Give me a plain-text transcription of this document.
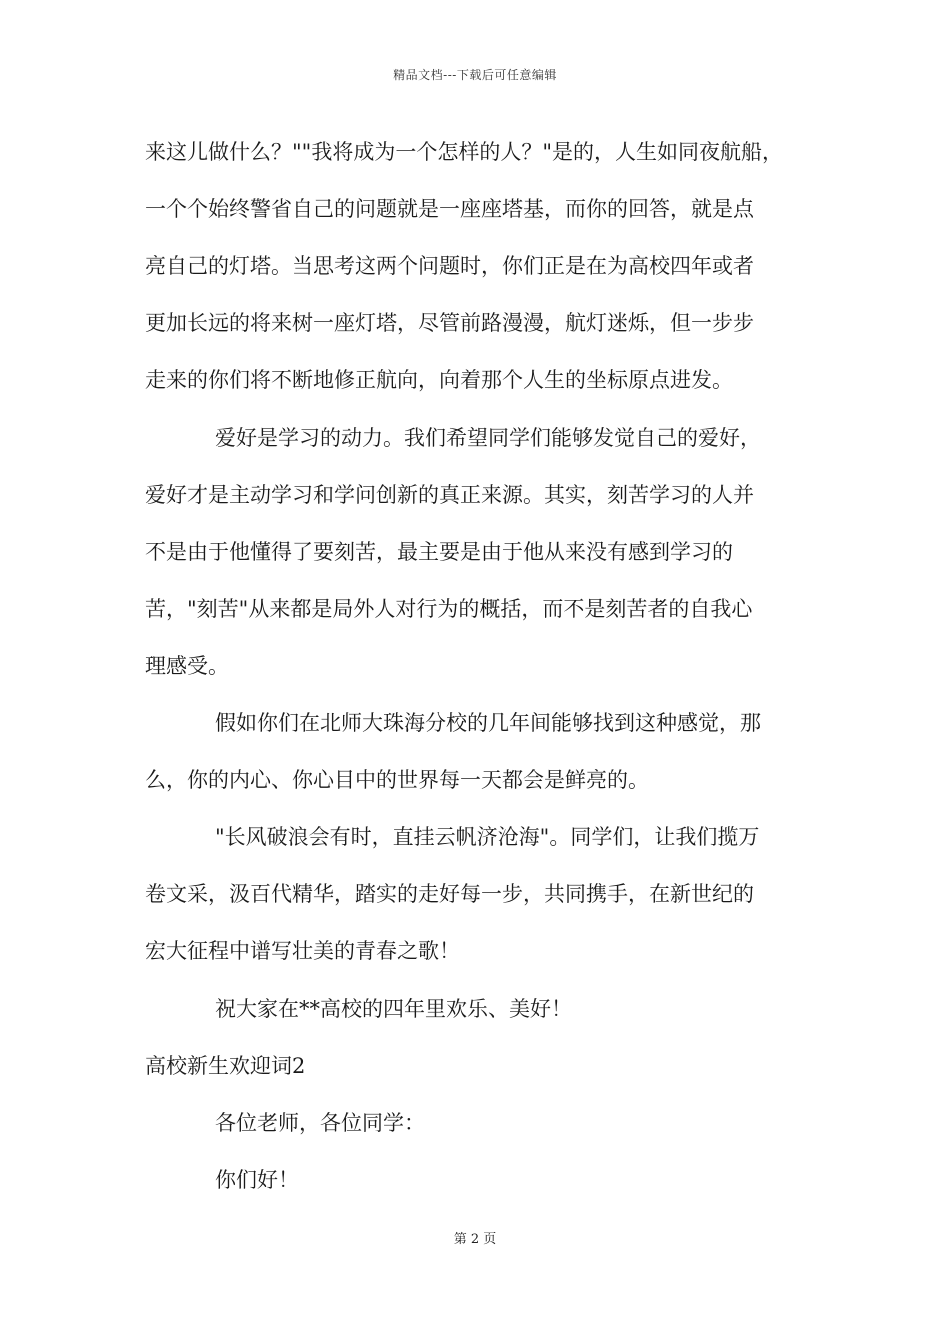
精品文档---下载后可任意编辑
来这儿做什么？""我将成为一个怎样的人？"是的，人生如同夜航船，
一个个始终警省自己的问题就是一座座塔基，而你的回答，就是点
亮自己的灯塔。当思考这两个问题时，你们正是在为高校四年或者
更加长远的将来树一座灯塔，尽管前路漫漫，航灯迷烁，但一步步
走来的你们将不断地修正航向，向着那个人生的坐标原点进发。
爱好是学习的动力。我们希望同学们能够发觉自己的爱好，
爱好才是主动学习和学问创新的真正来源。其实，刻苦学习的人并
不是由于他懂得了要刻苦，最主要是由于他从来没有感到学习的
苦，"刻苦"从来都是局外人对行为的概括，而不是刻苦者的自我心
理感受。
假如你们在北师大珠海分校的几年间能够找到这种感觉，那
么，你的内心、你心目中的世界每一天都会是鲜亮的。
"长风破浪会有时，直挂云帆济沧海"。同学们，让我们揽万
卷文采，汲百代精华，踏实的走好每一步，共同携手，在新世纪的
宏大征程中谱写壮美的青春之歌！
祝大家在**高校的四年里欢乐、美好！
高校新生欢迎词2
各位老师，各位同学：
你们好！
第 2 页
